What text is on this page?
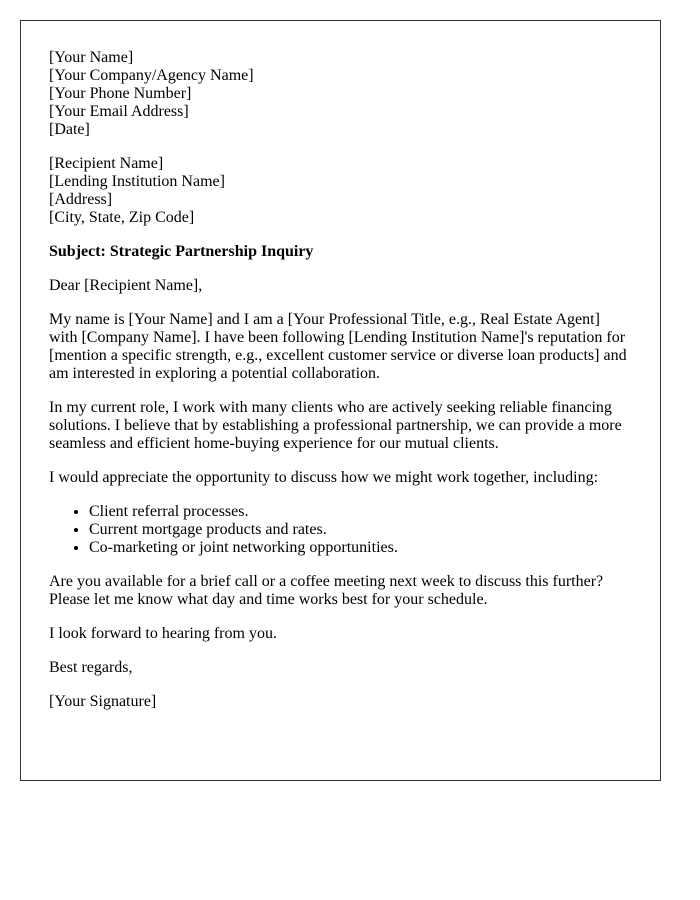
[Your Name]
[Your Company/Agency Name]
[Your Phone Number]
[Your Email Address]
[Date]

[Recipient Name]
[Lending Institution Name]
[Address]
[City, State, Zip Code]

Subject: Strategic Partnership Inquiry

Dear [Recipient Name],

My name is [Your Name] and I am a [Your Professional Title, e.g., Real Estate Agent] with [Company Name]. I have been following [Lending Institution Name]'s reputation for [mention a specific strength, e.g., excellent customer service or diverse loan products] and am interested in exploring a potential collaboration.

In my current role, I work with many clients who are actively seeking reliable financing solutions. I believe that by establishing a professional partnership, we can provide a more seamless and efficient home-buying experience for our mutual clients.

I would appreciate the opportunity to discuss how we might work together, including:

• Client referral processes.
• Current mortgage products and rates.
• Co-marketing or joint networking opportunities.

Are you available for a brief call or a coffee meeting next week to discuss this further? Please let me know what day and time works best for your schedule.

I look forward to hearing from you.

Best regards,

[Your Signature]
